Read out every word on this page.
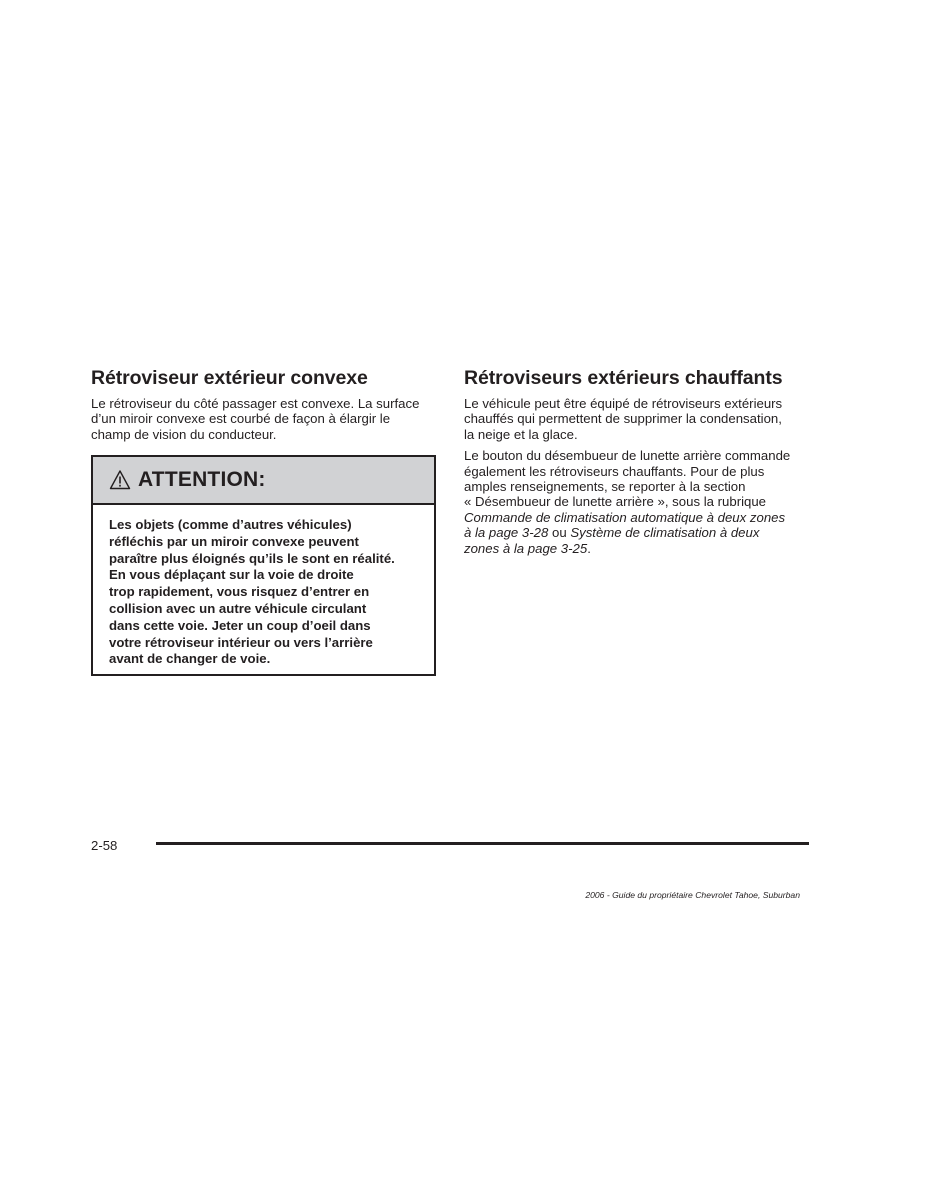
Rétroviseur extérieur convexe

Le rétroviseur du côté passager est convexe. La surface
d’un miroir convexe est courbé de façon à élargir le
champ de vision du conducteur.

ATTENTION:
Les objets (comme d’autres véhicules)
réfléchis par un miroir convexe peuvent
paraître plus éloignés qu’ils le sont en réalité.
En vous déplaçant sur la voie de droite
trop rapidement, vous risquez d’entrer en
collision avec un autre véhicule circulant
dans cette voie. Jeter un coup d’oeil dans
votre rétroviseur intérieur ou vers l’arrière
avant de changer de voie.
Rétroviseurs extérieurs chauffants

Le véhicule peut être équipé de rétroviseurs extérieurs
chauffés qui permettent de supprimer la condensation,
la neige et la glace.

Le bouton du désembueur de lunette arrière commande
également les rétroviseurs chauffants. Pour de plus
amples renseignements, se reporter à la section
« Désembueur de lunette arrière », sous la rubrique
Commande de climatisation automatique à deux zones
à la page 3-28 ou Système de climatisation à deux
zones à la page 3-25.

2-58
2006 - Guide du propriétaire Chevrolet Tahoe, Suburban
